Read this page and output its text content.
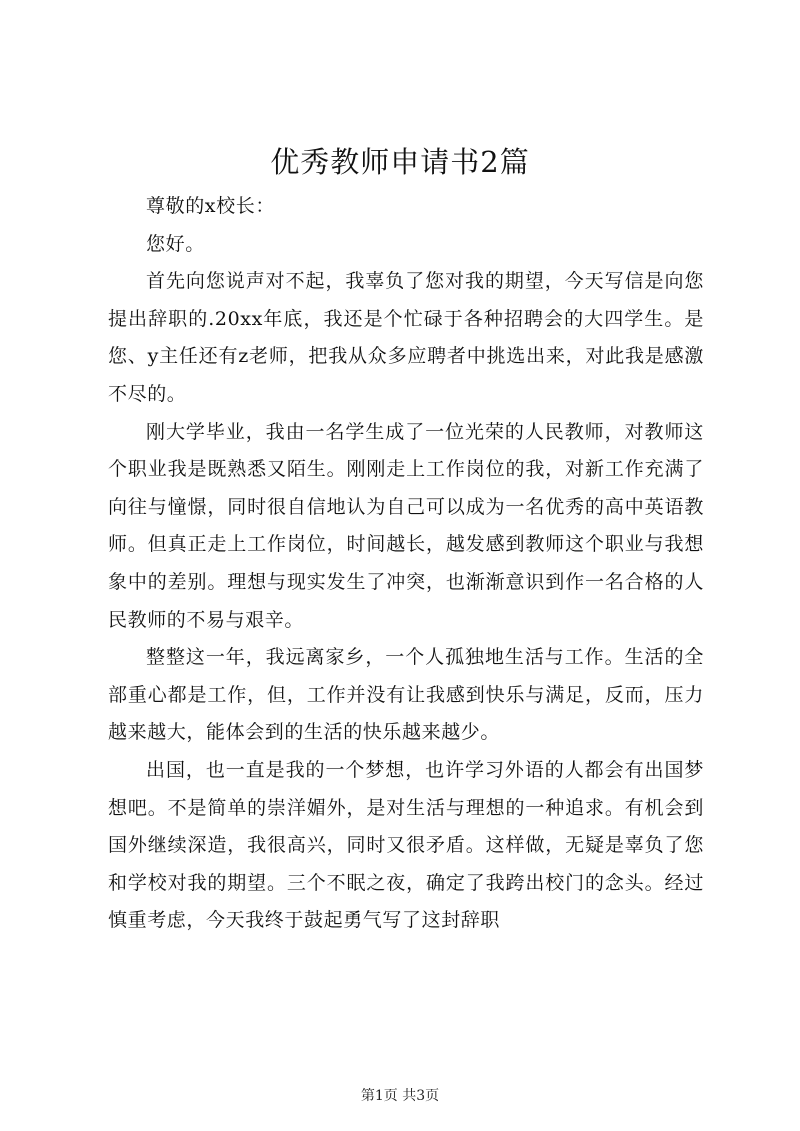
优秀教师申请书2篇

尊敬的x校长：

您好。

首先向您说声对不起，我辜负了您对我的期望，今天写信是向您提出辞职的.20xx年底，我还是个忙碌于各种招聘会的大四学生。是您、y主任还有z老师，把我从众多应聘者中挑选出来，对此我是感激不尽的。

刚大学毕业，我由一名学生成了一位光荣的人民教师，对教师这个职业我是既熟悉又陌生。刚刚走上工作岗位的我，对新工作充满了向往与憧憬，同时很自信地认为自己可以成为一名优秀的高中英语教师。但真正走上工作岗位，时间越长，越发感到教师这个职业与我想象中的差别。理想与现实发生了冲突，也渐渐意识到作一名合格的人民教师的不易与艰辛。

整整这一年，我远离家乡，一个人孤独地生活与工作。生活的全部重心都是工作，但，工作并没有让我感到快乐与满足，反而，压力越来越大，能体会到的生活的快乐越来越少。

出国，也一直是我的一个梦想，也许学习外语的人都会有出国梦想吧。不是简单的崇洋媚外，是对生活与理想的一种追求。有机会到国外继续深造，我很高兴，同时又很矛盾。这样做，无疑是辜负了您和学校对我的期望。三个不眠之夜，确定了我跨出校门的念头。经过慎重考虑，今天我终于鼓起勇气写了这封辞职

第1页 共3页
